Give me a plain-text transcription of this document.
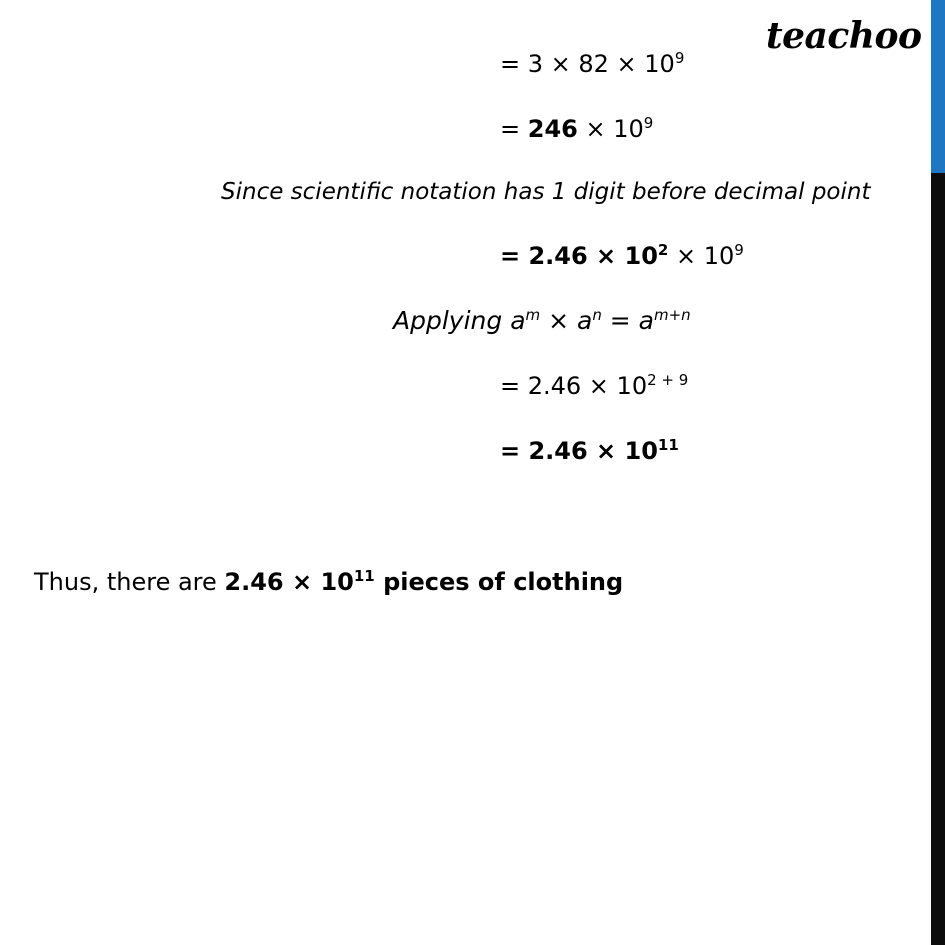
teachoo
= $3 \times 82 \times 10^9$
= $246 \times 10^9$
Since scientific notation has 1 digit before decimal point
= $2.46 \times 10^2 \times 10^9$
Applying $a^m \times a^n = a^{m+n}$
= $2.46 \times 10^{2 + 9}$
= $2.46 \times 10^{11}$
Thus, there are $2.46 \times 10^{11}$ pieces of clothing
